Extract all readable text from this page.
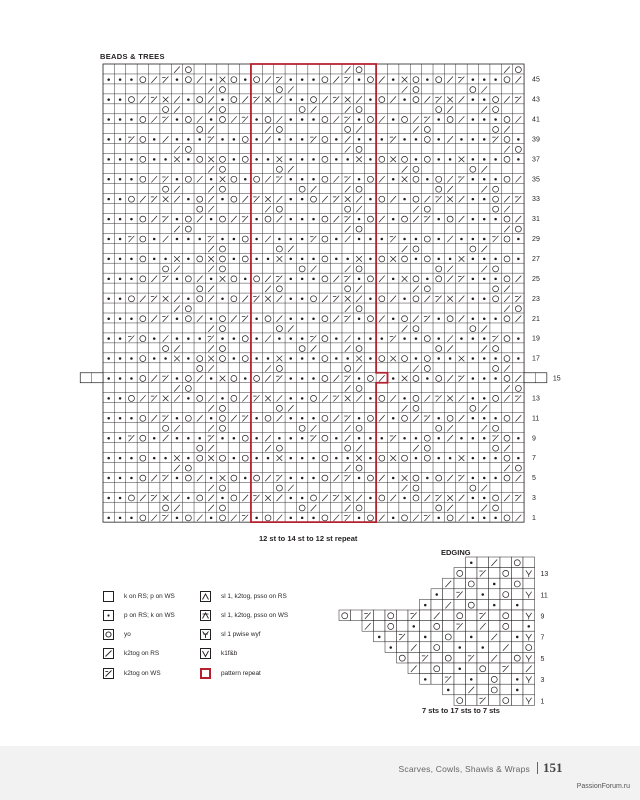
BEADS & TREES
45
43
41
39
37
35
33
31
29
27
25
23
21
19
17
15
13
11
9
7
5
3
1
13
11
9
7
5
3
1
12 st to 14 st to 12 st repeat
EDGING
7 sts to 17 sts to 7 sts
k on RS; p on WS
p on RS; k on WS
yo
k2tog on RS
k2tog on WS
sl 1, k2tog, psso on RS
sl 1, k2tog, psso on WS
sl 1 pwise wyf
k1f&b
pattern repeat
Scarves, Cowls, Shawls & Wraps 151
PassionForum.ru
